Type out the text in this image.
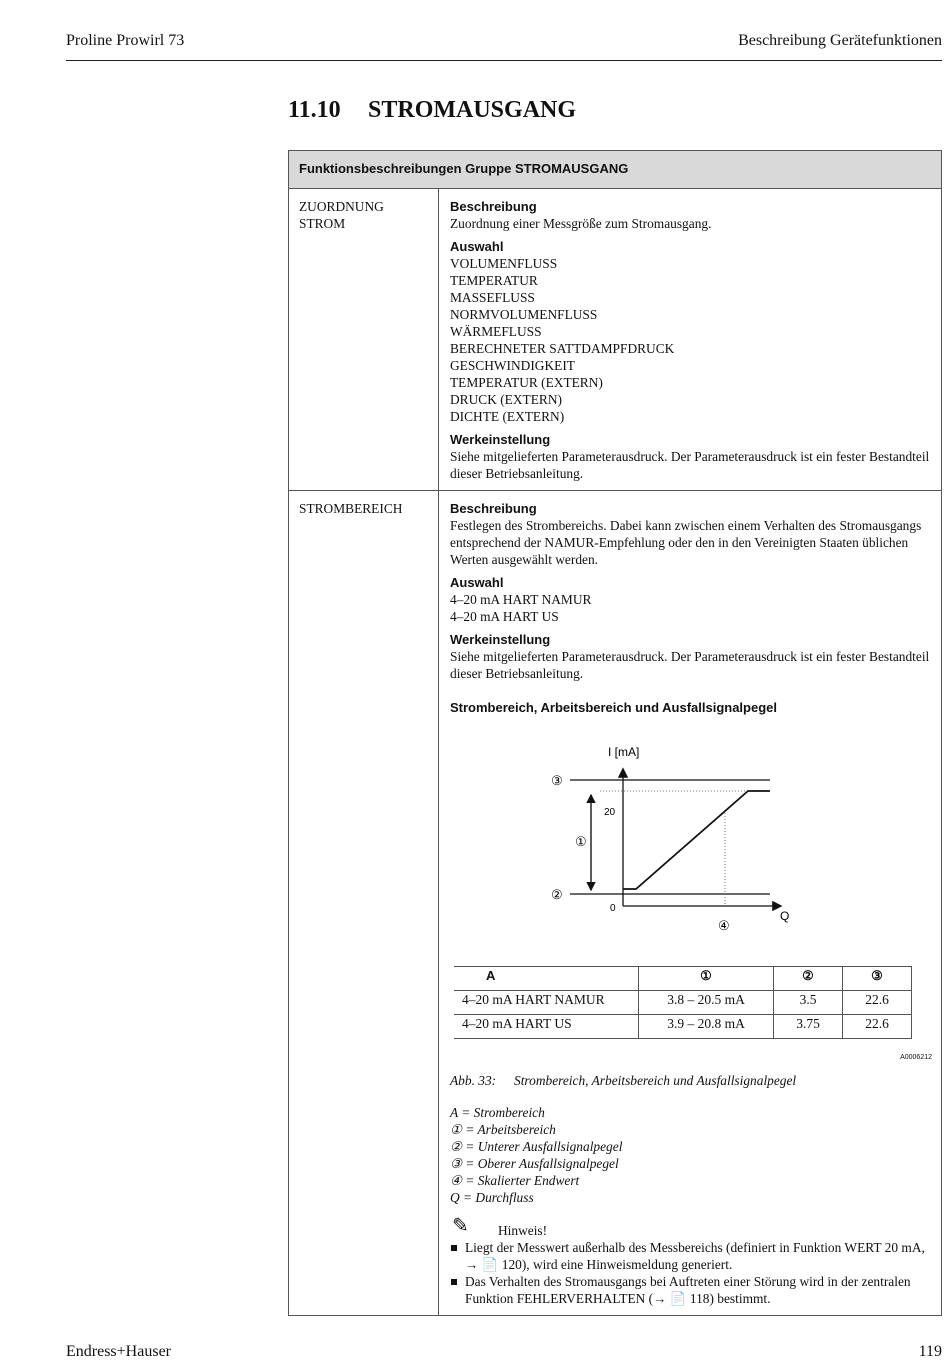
Proline Prowirl 73	Beschreibung Gerätefunktionen
11.10 STROMAUSGANG
Funktionsbeschreibungen Gruppe STROMAUSGANG
ZUORDNUNG STROM	
Beschreibung
Zuordnung einer Messgröße zum Stromausgang.
Auswahl
VOLUMENFLUSS
TEMPERATUR
MASSEFLUSS
NORMVOLUMENFLUSS
WÄRMEFLUSS
BERECHNETER SATTDAMPFDRUCK
GESCHWINDIGKEIT
TEMPERATUR (EXTERN)
DRUCK (EXTERN)
DICHTE (EXTERN)
Werkeinstellung
Siehe mitgelieferten Parameterausdruck. Der Parameterausdruck ist ein fester Bestandteil dieser Betriebsanleitung.

STROMBEREICH	Beschreibung
Festlegen des Strombereichs. Dabei kann zwischen einem Verhalten des Stromausgangs entsprechend der NAMUR-Empfehlung oder den in den Vereinigten Staaten üblichen Werten ausgewählt werden.
Auswahl
4–20 mA HART NAMUR
4–20 mA HART US
Werkeinstellung
Siehe mitgelieferten Parameterausdruck. Der Parameterausdruck ist ein fester Bestandteil dieser Betriebsanleitung.
Strombereich, Arbeitsbereich und Ausfallsignalpegel
I [mA]
Q
20
0
③
①
②
④
A	①	②	③
4–20 mA HART NAMUR	3.8 – 20.5 mA	3.5	22.6
4–20 mA HART US	3.9 – 20.8 mA	3.75	22.6
A0006212
Abb. 33: Strombereich, Arbeitsbereich und Ausfallsignalpegel
A = Strombereich
① = Arbeitsbereich
② = Unterer Ausfallsignalpegel
③ = Oberer Ausfallsignalpegel
④ = Skalierter Endwert
Q = Durchfluss
✎ Hinweis!
Liegt der Messwert außerhalb des Messbereichs (definiert in Funktion WERT 20 mA, → 📄 120), wird eine Hinweismeldung generiert.
Das Verhalten des Stromausgangs bei Auftreten einer Störung wird in der zentralen Funktion FEHLERVERHALTEN (→ 📄 118) bestimmt.
Endress+Hauser	119
